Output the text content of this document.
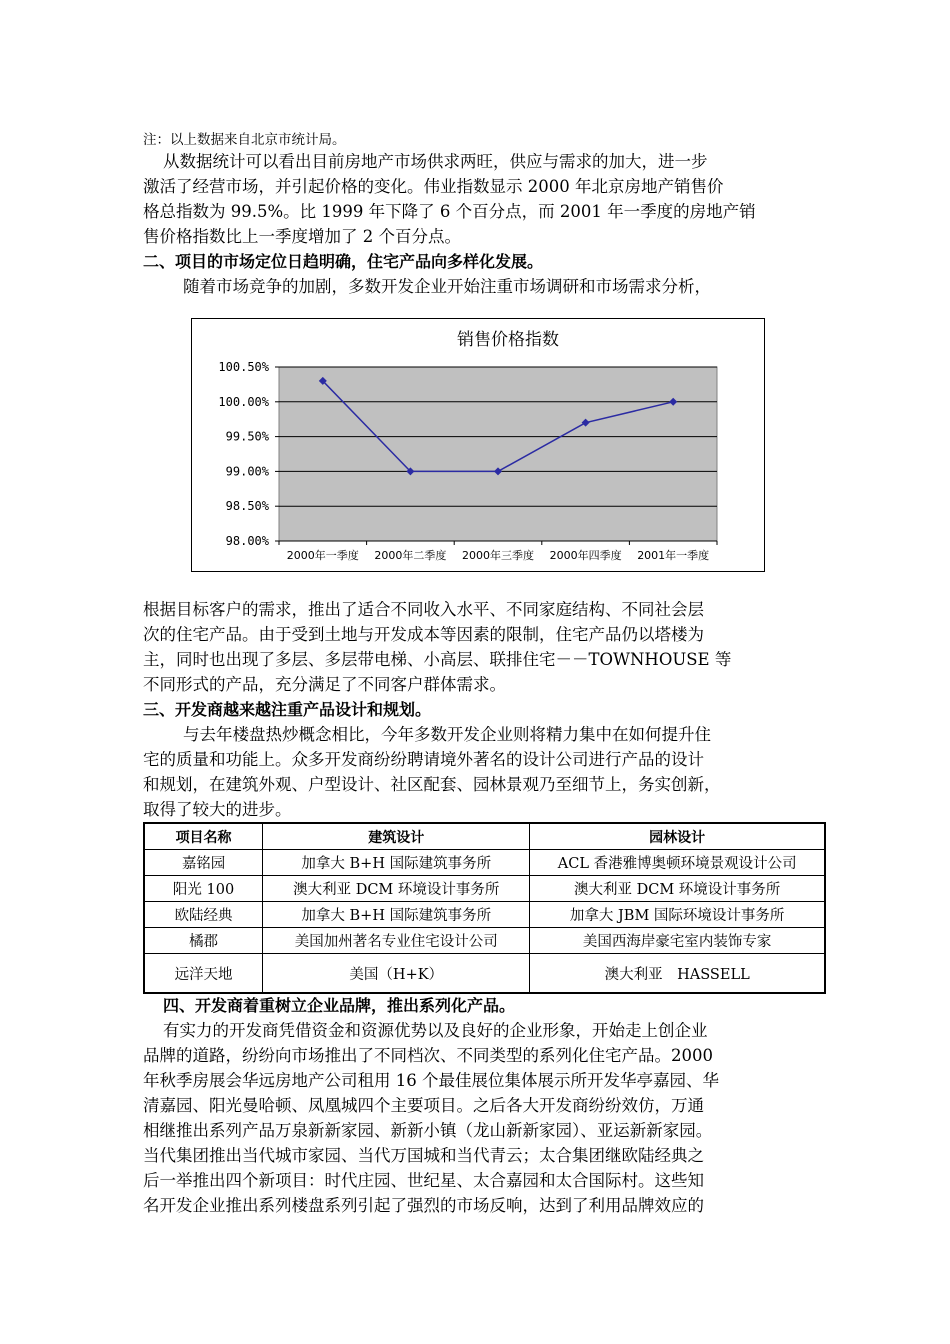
注：以上数据来自北京市统计局。
从数据统计可以看出目前房地产市场供求两旺，供应与需求的加大，进一步
激活了经营市场，并引起价格的变化。伟业指数显示 2000 年北京房地产销售价
格总指数为 99.5%。比 1999 年下降了 6 个百分点，而 2001 年一季度的房地产销
售价格指数比上一季度增加了 2 个百分点。
二、项目的市场定位日趋明确，住宅产品向多样化发展。
随着市场竞争的加剧，多数开发企业开始注重市场调研和市场需求分析，
销售价格指数
100.50%
100.00%
99.50%
99.00%
98.50%
98.00%
2000年一季度 2000年二季度 2000年三季度 2000年四季度 2001年一季度
根据目标客户的需求，推出了适合不同收入水平、不同家庭结构、不同社会层
次的住宅产品。由于受到土地与开发成本等因素的限制，住宅产品仍以塔楼为
主，同时也出现了多层、多层带电梯、小高层、联排住宅－－TOWNHOUSE 等
不同形式的产品，充分满足了不同客户群体需求。
三、开发商越来越注重产品设计和规划。
与去年楼盘热炒概念相比，今年多数开发企业则将精力集中在如何提升住
宅的质量和功能上。众多开发商纷纷聘请境外著名的设计公司进行产品的设计
和规划，在建筑外观、户型设计、社区配套、园林景观乃至细节上，务实创新，
取得了较大的进步。
项目名称	建筑设计	园林设计
嘉铭园	加拿大 B+H 国际建筑事务所	ACL 香港雅博奥顿环境景观设计公司
阳光 100	澳大利亚 DCM 环境设计事务所	澳大利亚 DCM 环境设计事务所
欧陆经典	加拿大 B+H 国际建筑事务所	加拿大 JBM 国际环境设计事务所
橘郡	美国加州著名专业住宅设计公司	美国西海岸豪宅室内装饰专家
远洋天地	美国（H+K）	澳大利亚　HASSELL
四、开发商着重树立企业品牌，推出系列化产品。
有实力的开发商凭借资金和资源优势以及良好的企业形象，开始走上创企业
品牌的道路，纷纷向市场推出了不同档次、不同类型的系列化住宅产品。2000
年秋季房展会华远房地产公司租用 16 个最佳展位集体展示所开发华亭嘉园、华
清嘉园、阳光曼哈顿、凤凰城四个主要项目。之后各大开发商纷纷效仿，万通
相继推出系列产品万泉新新家园、新新小镇（龙山新新家园）、亚运新新家园。
当代集团推出当代城市家园、当代万国城和当代青云；太合集团继欧陆经典之
后一举推出四个新项目：时代庄园、世纪星、太合嘉园和太合国际村。这些知
名开发企业推出系列楼盘系列引起了强烈的市场反响，达到了利用品牌效应的
